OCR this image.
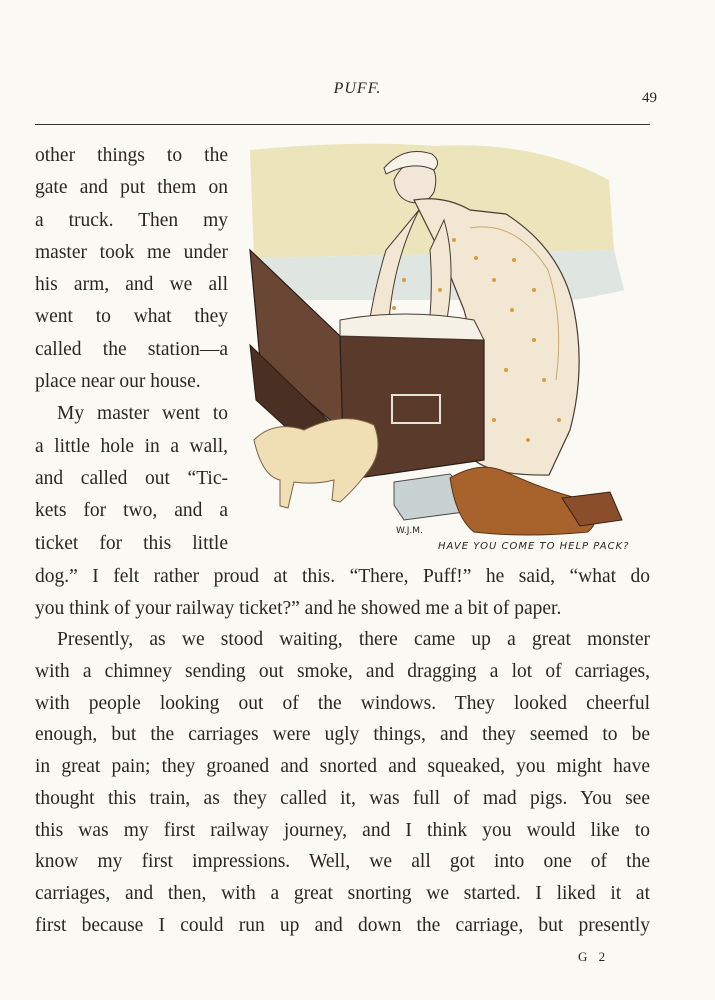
PUFF.
49
other things to the
gate and put them on
a truck. Then my
master took me under
his arm, and we all
went to what they
called the station—a
place near our house.
My master went to
a little hole in a wall,
and called out “Tic-
kets for two, and a
ticket for this little
dog.” I felt rather proud at this. “There, Puff!” he said, “what do
you think of your railway ticket?” and he showed me a bit of paper.
Presently, as we stood waiting, there came up a great monster
with a chimney sending out smoke, and dragging a lot of carriages,
with people looking out of the windows. They looked cheerful
enough, but the carriages were ugly things, and they seemed to be
in great pain; they groaned and snorted and squeaked, you might have
thought this train, as they called it, was full of mad pigs. You see
this was my first railway journey, and I think you would like to
know my first impressions. Well, we all got into one of the
carriages, and then, with a great snorting we started. I liked it at
first because I could run up and down the carriage, but presently
W.J.M.
HAVE YOU COME TO HELP PACK?
G 2
